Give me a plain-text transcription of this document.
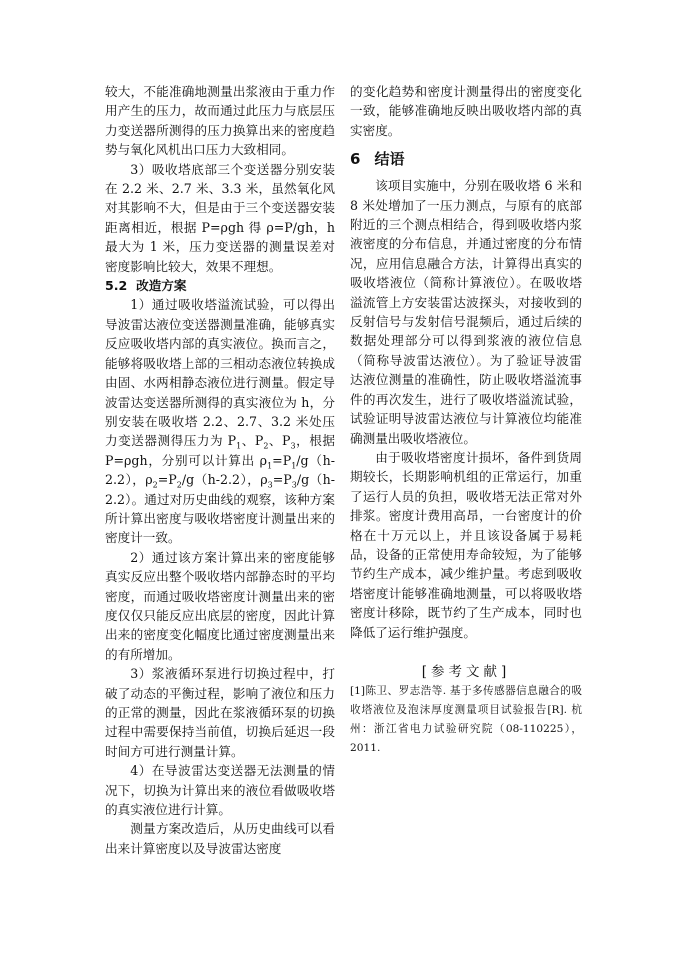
较大，不能准确地测量出浆液由于重力作用产生的压力，故而通过此压力与底层压力变送器所测得的压力换算出来的密度趋势与氧化风机出口压力大致相同。

3）吸收塔底部三个变送器分别安装在 2.2 米、2.7 米、3.3 米，虽然氧化风对其影响不大，但是由于三个变送器安装距离相近，根据 P=ρgh 得 ρ=P/gh，h 最大为 1 米，压力变送器的测量误差对密度影响比较大，效果不理想。

5.2 改造方案

1）通过吸收塔溢流试验，可以得出导波雷达液位变送器测量准确，能够真实反应吸收塔内部的真实液位。换而言之，能够将吸收塔上部的三相动态液位转换成由固、水两相静态液位进行测量。假定导波雷达变送器所测得的真实液位为 h，分别安装在吸收塔 2.2、2.7、3.2 米处压力变送器测得压力为 $P_1$、$P_2$、$P_3$，根据 P=ρgh，分别可以计算出 $\rho_1=P_1/g(h-2.2)$，$\rho_2=P_2/g(h-2.2)$，$\rho_3=P_3/g(h-2.2)$。通过对历史曲线的观察，该种方案所计算出密度与吸收塔密度计测量出来的密度计一致。

2）通过该方案计算出来的密度能够真实反应出整个吸收塔内部静态时的平均密度，而通过吸收塔密度计测量出来的密度仅仅只能反应出底层的密度，因此计算出来的密度变化幅度比通过密度测量出来的有所增加。

3）浆液循环泵进行切换过程中，打破了动态的平衡过程，影响了液位和压力的正常的测量，因此在浆液循环泵的切换过程中需要保持当前值，切换后延迟一段时间方可进行测量计算。

4）在导波雷达变送器无法测量的情况下，切换为计算出来的液位看做吸收塔的真实液位进行计算。

测量方案改造后，从历史曲线可以看出来计算密度以及导波雷达密度

的变化趋势和密度计测量得出的密度变化一致，能够准确地反映出吸收塔内部的真实密度。

6 结语

该项目实施中，分别在吸收塔 6 米和 8 米处增加了一压力测点，与原有的底部附近的三个测点相结合，得到吸收塔内浆液密度的分布信息，并通过密度的分布情况，应用信息融合方法，计算得出真实的吸收塔液位（简称计算液位）。在吸收塔溢流管上方安装雷达波探头，对接收到的反射信号与发射信号混频后，通过后续的数据处理部分可以得到浆液的液位信息（简称导波雷达液位）。为了验证导波雷达液位测量的准确性，防止吸收塔溢流事件的再次发生，进行了吸收塔溢流试验，试验证明导波雷达液位与计算液位均能准确测量出吸收塔液位。

由于吸收塔密度计损坏，备件到货周期较长，长期影响机组的正常运行，加重了运行人员的负担，吸收塔无法正常对外排浆。密度计费用高昂，一台密度计的价格在十万元以上，并且该设备属于易耗品，设备的正常使用寿命较短，为了能够节约生产成本，减少维护量。考虑到吸收塔密度计能够准确地测量，可以将吸收塔密度计移除，既节约了生产成本，同时也降低了运行维护强度。

[参考文献]

[1]陈卫、罗志浩等. 基于多传感器信息融合的吸收塔液位及泡沫厚度测量项目试验报告[R]. 杭州：浙江省电力试验研究院（08-110225），2011.
